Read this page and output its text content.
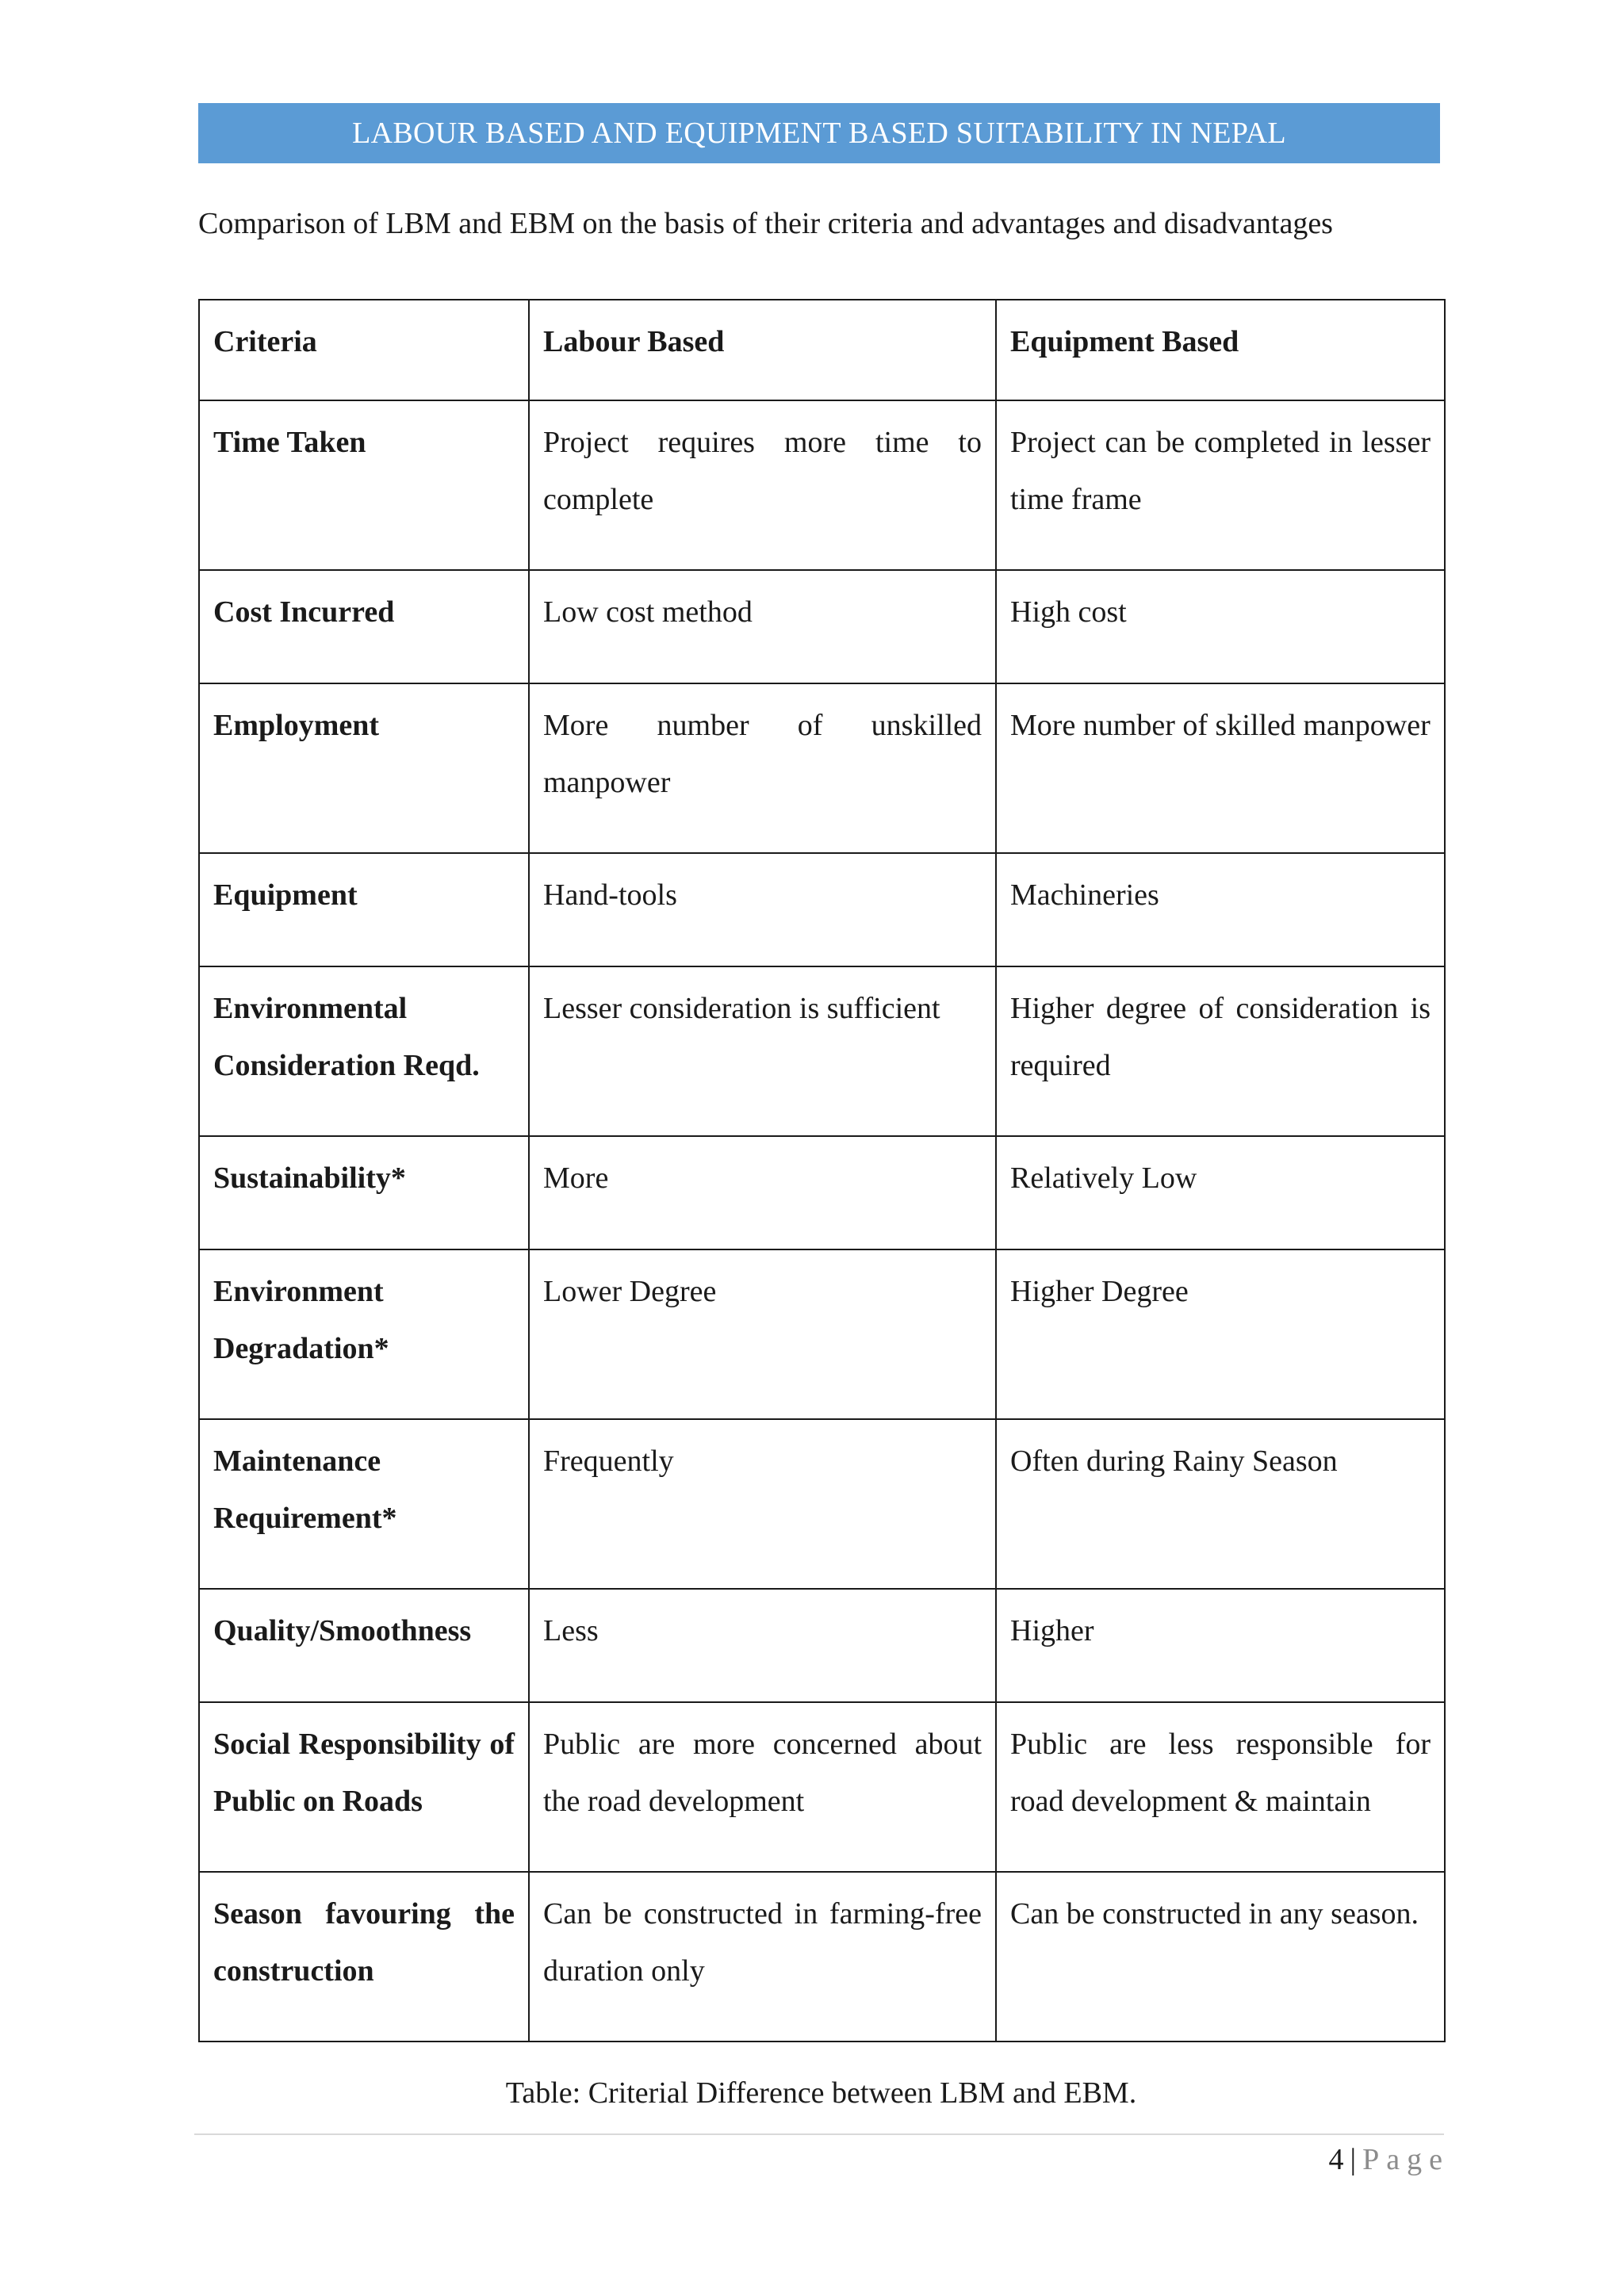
LABOUR BASED AND EQUIPMENT BASED SUITABILITY IN NEPAL
Comparison of LBM and EBM on the basis of their criteria and advantages and disadvantages
Criteria	Labour Based	Equipment Based
Time Taken	Project requires more time to complete	Project can be completed in lesser time frame
Cost Incurred	Low cost method	High cost
Employment	More number of unskilled manpower	More number of skilled manpower
Equipment	Hand-tools	Machineries
Environmental Consideration Reqd.	Lesser consideration is sufficient	Higher degree of consideration is required
Sustainability*	More	Relatively Low
Environment Degradation*	Lower Degree	Higher Degree
Maintenance Requirement*	Frequently	Often during Rainy Season
Quality/Smoothness	Less	Higher
Social Responsibility of Public on Roads	Public are more concerned about the road development	Public are less responsible for road development & maintain
Season favouring the construction	Can be constructed in farming-free duration only	Can be constructed in any season.
Table: Criterial Difference between LBM and EBM.
4 | Page
